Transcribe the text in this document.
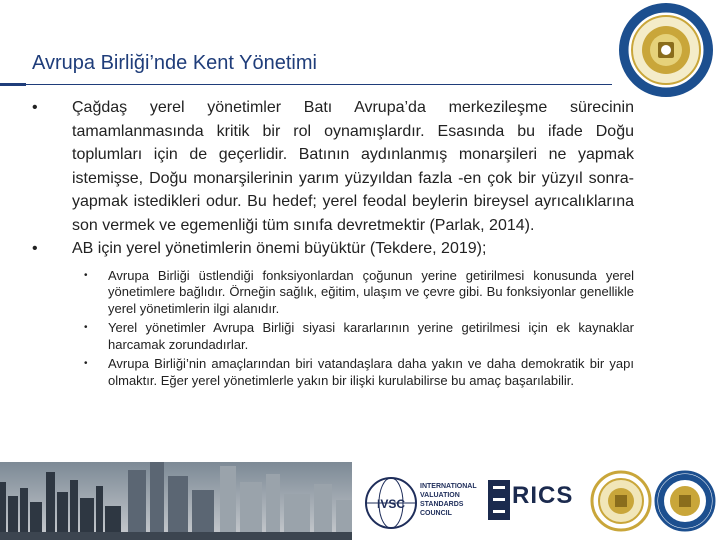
Avrupa Birliği’nde Kent Yönetimi

• Çağdaş yerel yönetimler Batı Avrupa’da merkezileşme sürecinin tamamlanmasında kritik bir rol oynamışlardır. Esasında bu ifade Doğu toplumları için de geçerlidir. Batının aydınlanmış monarşileri ne yapmak istemişse, Doğu monarşilerinin yarım yüzyıldan fazla -en çok bir yüzyıl sonra- yapmak istedikleri odur. Bu hedef; yerel feodal beylerin bireysel ayrıcalıklarına son vermek ve egemenliği tüm sınıfa devretmektir (Parlak, 2014).

• AB için yerel yönetimlerin önemi büyüktür (Tekdere, 2019);

• Avrupa Birliği üstlendiği fonksiyonlardan çoğunun yerine getirilmesi konusunda yerel yönetimlere bağlıdır. Örneğin sağlık, eğitim, ulaşım ve çevre gibi. Bu fonksiyonlar genellikle yerel yönetimlerin ilgi alanıdır.

• Yerel yönetimler Avrupa Birliği siyasi kararlarının yerine getirilmesi için ek kaynaklar harcamak zorundadırlar.

• Avrupa Birliği’nin amaçlarından biri vatandaşlara daha yakın ve daha demokratik bir yapı olmaktır. Eğer yerel yönetimlerle yakın bir ilişki kurulabilirse bu amaç başarılabilir.

IVSC
INTERNATIONAL VALUATION STANDARDS COUNCIL
RICS
